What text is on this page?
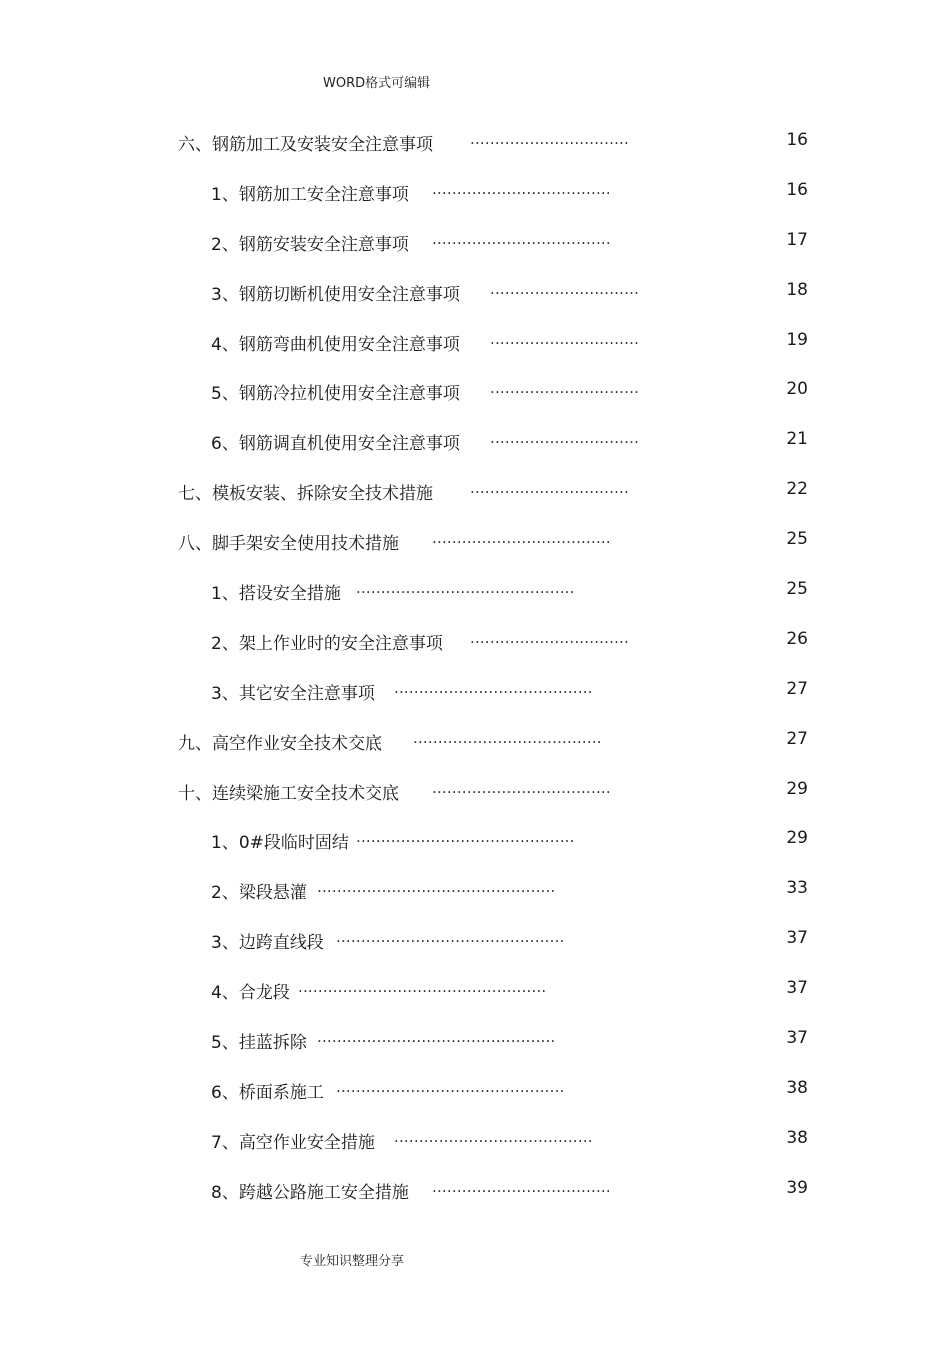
WORD格式可编辑
六、钢筋加工及安装安全注意事项 ................................	16
1、钢筋加工安全注意事项 ....................................	16
2、钢筋安装安全注意事项 ....................................	17
3、钢筋切断机使用安全注意事项 ..............................	18
4、钢筋弯曲机使用安全注意事项 ..............................	19
5、钢筋冷拉机使用安全注意事项 ..............................	20
6、钢筋调直机使用安全注意事项 ..............................	21
七、模板安装、拆除安全技术措施 ................................	22
八、脚手架安全使用技术措施 ....................................	25
1、搭设安全措施 ............................................	25
2、架上作业时的安全注意事项 ................................	26
3、其它安全注意事项 ........................................	27
九、高空作业安全技术交底 ......................................	27
十、连续梁施工安全技术交底 ....................................	29
1、0#段临时固结 ............................................	29
2、梁段悬灌 ................................................	33
3、边跨直线段 ..............................................	37
4、合龙段 ..................................................	37
5、挂蓝拆除 ................................................	37
6、桥面系施工 ..............................................	38
7、高空作业安全措施 ........................................	38
8、跨越公路施工安全措施 ....................................	39
专业知识整理分享
